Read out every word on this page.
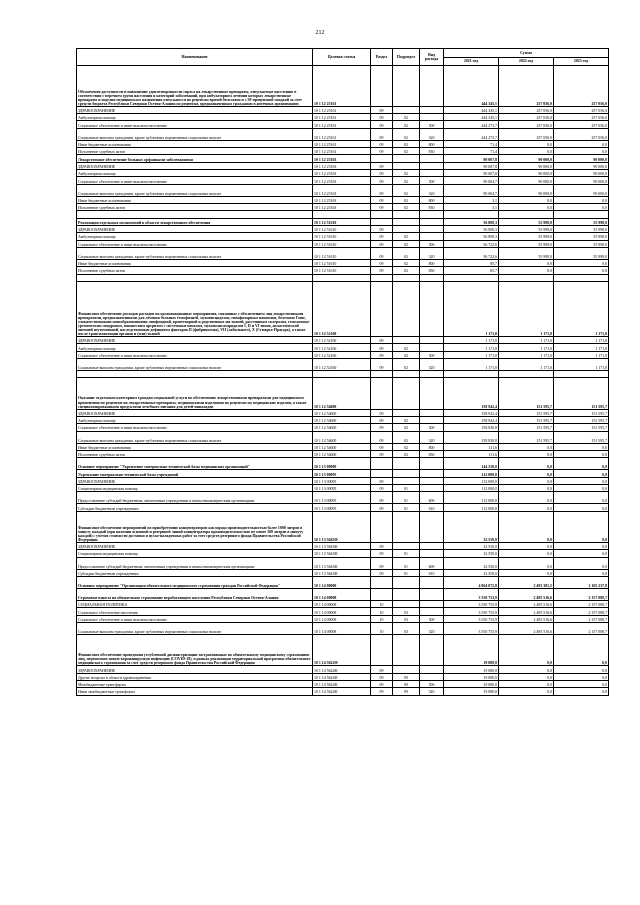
212
Наименование	Целевая статья	Раздел	Подраздел	Вид расхода	Сумма		
					2021 год	2022 год	2023 год
Обеспечение доступности и повышение удовлетворенности спроса на лекарственные препараты, отпускаемые населению в соответствии с перечнем групп населения и категорий заболеваний, при амбулаторном лечении которых лекарственные препараты и изделия медицинского назначения отпускаются по рецептам врачей бесплатно и с 50-процентной скидкой за счет средств бюджета Республики Северная Осетия-Алания по рецептам, предназначенным гражданам в аптечных организациях	10 1 12 25161				444 345,1	257 056,0	257 056,0
ЗДРАВООХРАНЕНИЕ	10 1 12 25161	09			444 345,1	257 056,0	257 056,0
Амбулаторная помощь	10 1 12 25161	09	02		444 345,1	257 056,0	257 056,0
Социальное обеспечение и иные выплаты населению	10 1 12 25161	09	02	300	444 273,7	257 056,0	257 056,0
Социальные выплаты гражданам, кроме публичных нормативных социальных выплат	10 1 12 25161	09	02	320	444 273,7	257 056,0	257 056,0
Иные бюджетные ассигнования	10 1 12 25161	09	02	800	71,4	0,0	0,0
Исполнение судебных актов	10 1 12 25161	09	02	830	71,4	0,0	0,0
Лекарственное обеспечение больных орфанными заболеваниями	10 1 12 25163				90 007,8	90 000,0	90 000,0
ЗДРАВООХРАНЕНИЕ	10 1 12 25163	09			90 007,8	90 000,0	90 000,0
Амбулаторная помощь	10 1 12 25163	09	02		90 007,8	90 000,0	90 000,0
Социальное обеспечение и иные выплаты населению	10 1 12 25163	09	02	300	90 004,7	90 000,0	90 000,0
Социальные выплаты гражданам, кроме публичных нормативных социальных выплат	10 1 12 25163	09	02	320	90 004,7	90 000,0	90 000,0
Иные бюджетные ассигнования	10 1 12 25163	09	02	800	3,1	0,0	0,0
Исполнение судебных актов	10 1 12 25163	09	02	830	3,1	0,0	0,0

Реализация отдельных полномочий в области лекарственного обеспечения	10 1 12 51610				56 808,3	55 998,0	55 998,0
ЗДРАВООХРАНЕНИЕ	10 1 12 51610	09			56 808,3	55 998,0	55 998,0
Амбулаторная помощь	10 1 12 51610	09	02		56 808,3	55 998,0	55 998,0
Социальное обеспечение и иные выплаты населению	10 1 12 51610	09	02	300	56 722,6	55 998,0	55 998,0
Социальные выплаты гражданам, кроме публичных нормативных социальных выплат	10 1 12 51610	09	02	320	56 722,6	55 998,0	55 998,0
Иные бюджетные ассигнования	10 1 12 51610	09	02	800	85,7	0,0	0,0
Исполнение судебных актов	10 1 12 51610	09	02	830	85,7	0,0	0,0

Финансовое обеспечение расходов расходов на организационные мероприятия, связанные с обеспечением лиц лекарственными препаратами, предназначенными для лечения больных гемофилией, муковисцидозом, гипофизарным нанизмом, болезнью Гоше, злокачественными новообразованиями лимфоидной, кроветворной и родственных им тканей, рассеянным склерозом, гемолитико-уремическим синдромом, юношеским артритом с системным началом, мукополисахаридозом I, II и VI типов, апластической анемией неуточненной, наследственным дефицитом факторов II (фибриногена), VII (лабильного), X (Стюарта-Прауэра), а также после трансплантации органов и (или) тканей	10 1 12 52160				1 171,0	1 171,0	1 171,0
ЗДРАВООХРАНЕНИЕ	10 1 12 52160	09			1 171,0	1 171,0	1 171,0
Амбулаторная помощь	10 1 12 52160	09	02		1 171,0	1 171,0	1 171,0
Социальное обеспечение и иные выплаты населению	10 1 12 52160	09	02	300	1 171,0	1 171,0	1 171,0
Социальные выплаты гражданам, кроме публичных нормативных социальных выплат	10 1 12 52160	09	02	320	1 171,0	1 171,0	1 171,0

Оказание отдельным категориям граждан социальной услуги по обеспечению лекарственными препаратами для медицинского применения по рецептам на лекарственные препараты, медицинскими изделиями по рецептам на медицинские изделия, а также специализированными продуктами лечебного питания для детей-инвалидов	10 1 12 54600				158 942,4	151 595,7	151 595,7
ЗДРАВООХРАНЕНИЕ	10 1 12 54600	09			158 942,4	151 595,7	151 595,7
Амбулаторная помощь	10 1 12 54600	09	02		158 942,4	151 595,7	151 595,7
Социальное обеспечение и иные выплаты населению	10 1 12 54600	09	02	300	158 830,8	151 595,7	151 595,7
Социальные выплаты гражданам, кроме публичных нормативных социальных выплат	10 1 12 54600	09	02	320	158 830,8	151 595,7	151 595,7
Иные бюджетные ассигнования	10 1 12 54600	09	02	800	111,6	0,0	0,0
Исполнение судебных актов	10 1 12 54600	09	02	830	111,6	0,0	0,0
Основное мероприятие "Укрепление материально-технической базы медицинских организаций"	10 1 13 00000				144 550,0	0,0	0,0
Укрепление материально-технической базы учреждений	10 1 13 00095				112 000,0	0,0	0,0
ЗДРАВООХРАНЕНИЕ	10 1 13 00095	09			112 000,0	0,0	0,0
Стационарная медицинская помощь	10 1 13 00095	09	01		112 000,0	0,0	0,0
Предоставление субсидий бюджетным, автономным учреждениям и иным некоммерческим организациям	10 1 13 00095	09	01	600	112 000,0	0,0	0,0
Субсидии бюджетным учреждениям	10 1 13 00095	09	01	610	112 000,0	0,0	0,0
Финансовое обеспечение мероприятий по приобретению концентраторов кислорода производительностью более 1000 литров в минуту каждый (при наличии основной и резервной линий концентратора производительностью не менее 300 литров в минуту каждой) с учетом стоимости доставки и пуско-наладочных работ за счет средств резервного фонда Правительства Российской Федерации	10 1 13 5643Ф				32 550,0	0,0	0,0
ЗДРАВООХРАНЕНИЕ	10 1 13 5643Ф	09			32 550,0	0,0	0,0
Стационарная медицинская помощь	10 1 13 5643Ф	09	01		32 550,0	0,0	0,0
Предоставление субсидий бюджетным, автономным учреждениям и иным некоммерческим организациям	10 1 13 5643Ф	09	01	600	32 550,0	0,0	0,0
Субсидии бюджетным учреждениям	10 1 13 5643Ф	09	01	610	32 550,0	0,0	0,0
Основное мероприятие "Организация обязательного медицинского страхования граждан Российской Федерации"	10 1 14 00000				4 064 072,8	2 493 381,5	2 165 237,8
Страховые взносы на обязательное страхование неработающего населения Республики Северная Осетия-Алания	10 1 14 00008				3 550 753,9	2 485 516,6	2 157 088,7
СОЦИАЛЬНАЯ ПОЛИТИКА	10 1 14 00008	10			3 550 753,9	2 485 516,6	2 157 088,7
Социальное обеспечение населения	10 1 14 00008	10	03		3 550 753,9	2 485 516,6	2 157 088,7
Социальное обеспечение и иные выплаты населению	10 1 14 00008	10	03	300	3 550 753,9	2 485 516,6	2 157 088,7
Социальные выплаты гражданам, кроме публичных нормативных социальных выплат	10 1 14 00008	10	03	320	3 550 753,9	2 485 516,6	2 157 088,7
Финансовое обеспечение проведения углубленной диспансеризации застрахованных по обязательному медицинскому страхованию лиц, перенесших новую коронавирусную инфекцию (COVID-19), в рамках реализации территориальной программы обязательного медицинского страхования за счет средств резервного фонда Правительства Российской Федерации	10 1 14 5622Ф				19 080,0	0,0	0,0
ЗДРАВООХРАНЕНИЕ	10 1 14 5622Ф	09			19 080,0	0,0	0,0
Другие вопросы в области здравоохранения	10 1 14 5622Ф	09	09		19 080,0	0,0	0,0
Межбюджетные трансферты	10 1 14 5622Ф	09	09	500	19 080,0	0,0	0,0
Иные межбюджетные трансферты	10 1 14 5622Ф	09	09	540	19 080,0	0,0	0,0
